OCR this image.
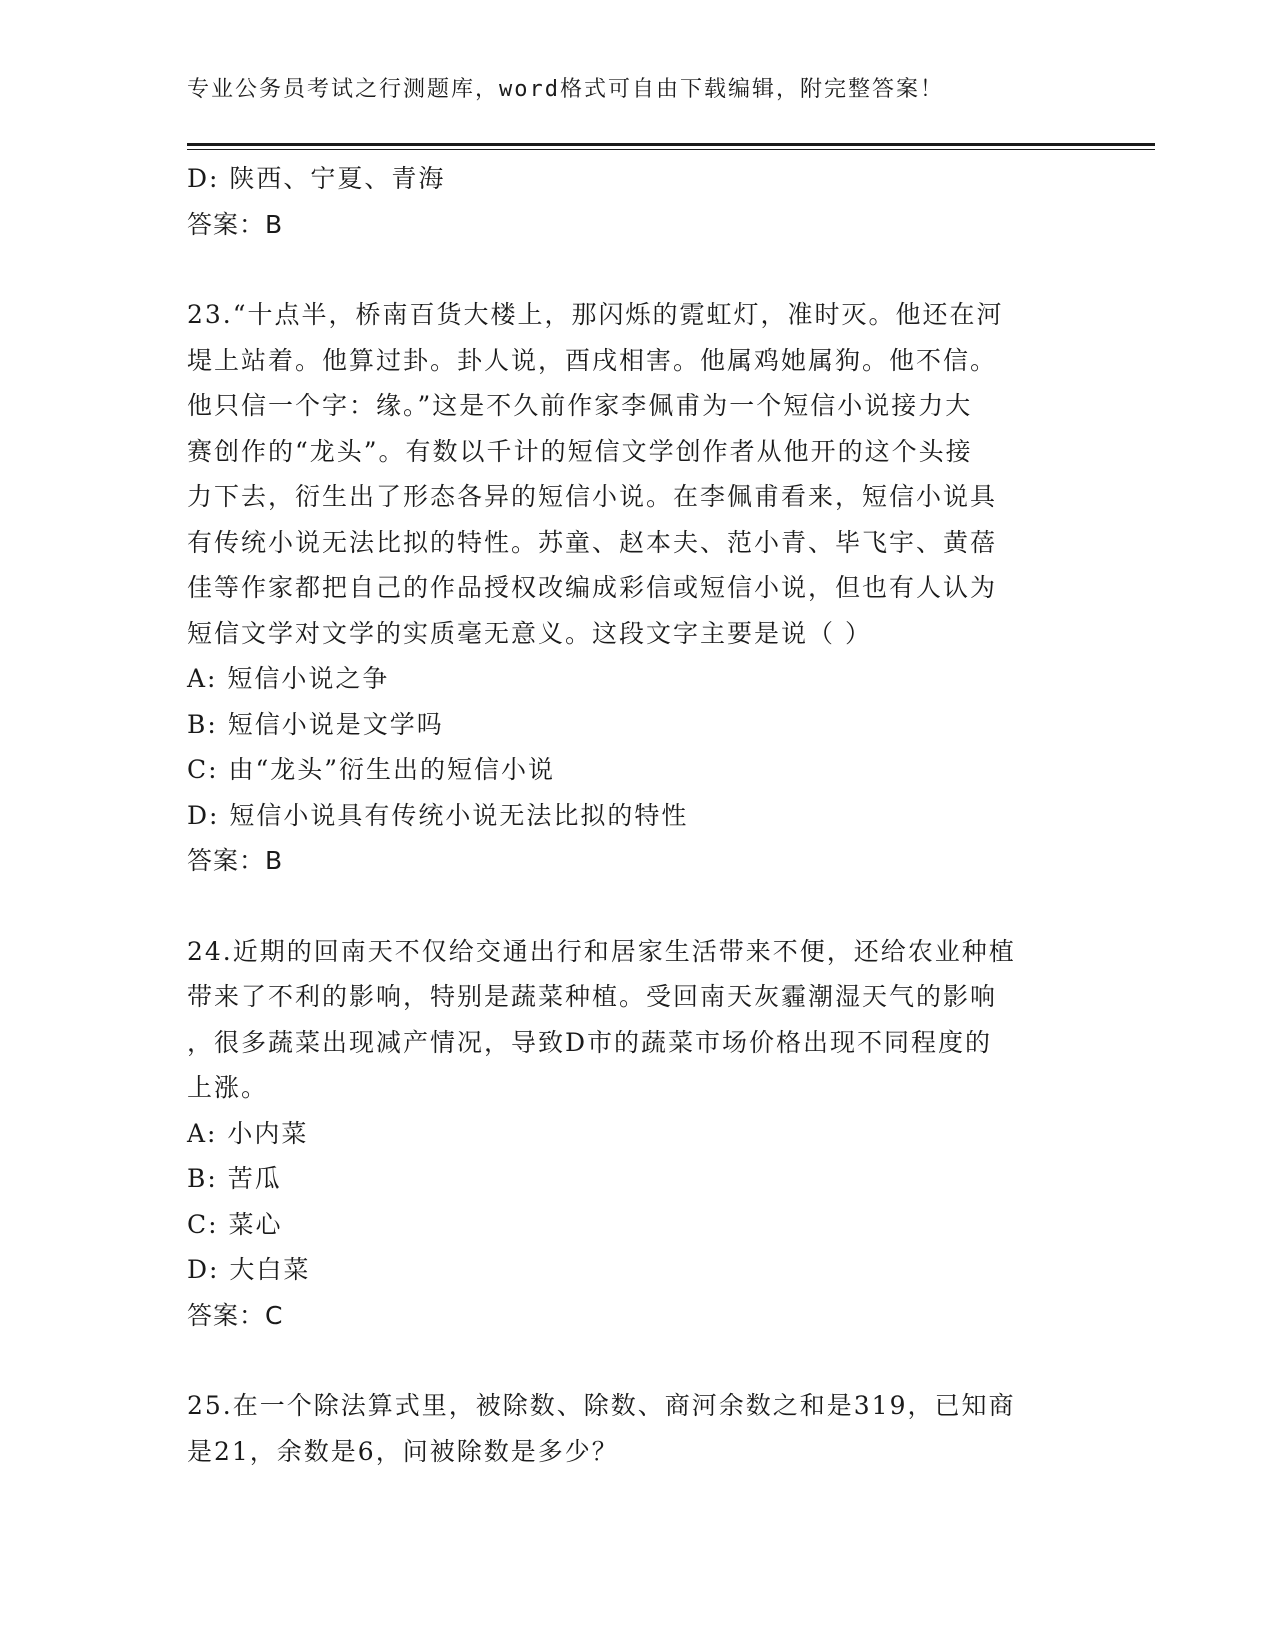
专业公务员考试之行测题库，word格式可自由下载编辑，附完整答案！
D: 陕西、宁夏、青海
答案：B
23.“十点半，桥南百货大楼上，那闪烁的霓虹灯，准时灭。他还在河
堤上站着。他算过卦。卦人说，酉戌相害。他属鸡她属狗。他不信。
他只信一个字：缘。”这是不久前作家李佩甫为一个短信小说接力大
赛创作的“龙头”。有数以千计的短信文学创作者从他开的这个头接
力下去，衍生出了形态各异的短信小说。在李佩甫看来，短信小说具
有传统小说无法比拟的特性。苏童、赵本夫、范小青、毕飞宇、黄蓓
佳等作家都把自己的作品授权改编成彩信或短信小说，但也有人认为
短信文学对文学的实质毫无意义。这段文字主要是说（ ）
A: 短信小说之争
B: 短信小说是文学吗
C: 由“龙头”衍生出的短信小说
D: 短信小说具有传统小说无法比拟的特性
答案：B
24.近期的回南天不仅给交通出行和居家生活带来不便，还给农业种植
带来了不利的影响，特别是蔬菜种植。受回南天灰霾潮湿天气的影响
，很多蔬菜出现减产情况，导致D市的蔬菜市场价格出现不同程度的
上涨。
A: 小内菜
B: 苦瓜
C: 菜心
D: 大白菜
答案：C
25.在一个除法算式里，被除数、除数、商河余数之和是319，已知商
是21，余数是6，问被除数是多少？
